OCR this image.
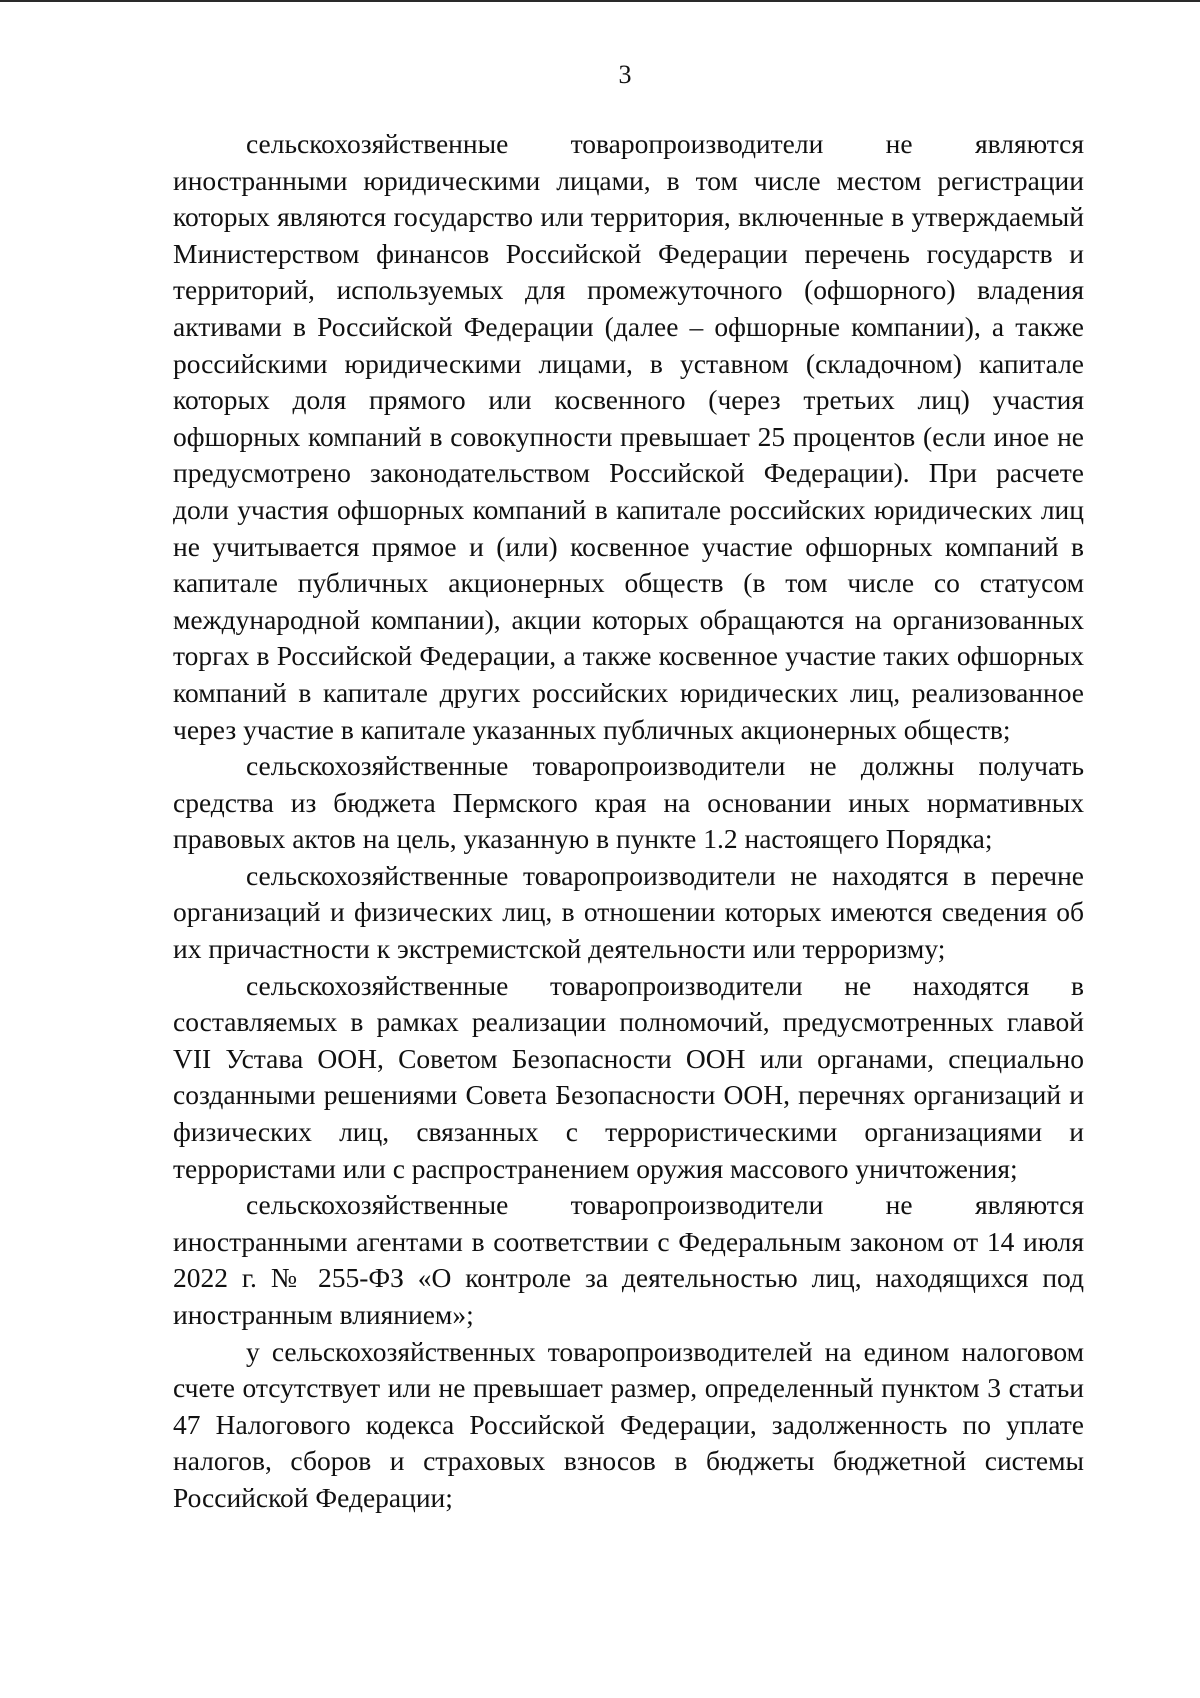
3

сельскохозяйственные товаропроизводители не являются иностранными юридическими лицами, в том числе местом регистрации которых являются государство или территория, включенные в утверждаемый Министерством финансов Российской Федерации перечень государств и территорий, используемых для промежуточного (офшорного) владения активами в Российской Федерации (далее – офшорные компании), а также российскими юридическими лицами, в уставном (складочном) капитале которых доля прямого или косвенного (через третьих лиц) участия офшорных компаний в совокупности превышает 25 процентов (если иное не предусмотрено законодательством Российской Федерации). При расчете доли участия офшорных компаний в капитале российских юридических лиц не учитывается прямое и (или) косвенное участие офшорных компаний в капитале публичных акционерных обществ (в том числе со статусом международной компании), акции которых обращаются на организованных торгах в Российской Федерации, а также косвенное участие таких офшорных компаний в капитале других российских юридических лиц, реализованное через участие в капитале указанных публичных акционерных обществ;

сельскохозяйственные товаропроизводители не должны получать средства из бюджета Пермского края на основании иных нормативных правовых актов на цель, указанную в пункте 1.2 настоящего Порядка;

сельскохозяйственные товаропроизводители не находятся в перечне организаций и физических лиц, в отношении которых имеются сведения об их причастности к экстремистской деятельности или терроризму;

сельскохозяйственные товаропроизводители не находятся в составляемых в рамках реализации полномочий, предусмотренных главой VII Устава ООН, Советом Безопасности ООН или органами, специально созданными решениями Совета Безопасности ООН, перечнях организаций и физических лиц, связанных с террористическими организациями и террористами или с распространением оружия массового уничтожения;

сельскохозяйственные товаропроизводители не являются иностранными агентами в соответствии с Федеральным законом от 14 июля 2022 г. № 255-ФЗ «О контроле за деятельностью лиц, находящихся под иностранным влиянием»;

у сельскохозяйственных товаропроизводителей на едином налоговом счете отсутствует или не превышает размер, определенный пунктом 3 статьи 47 Налогового кодекса Российской Федерации, задолженность по уплате налогов, сборов и страховых взносов в бюджеты бюджетной системы Российской Федерации;
